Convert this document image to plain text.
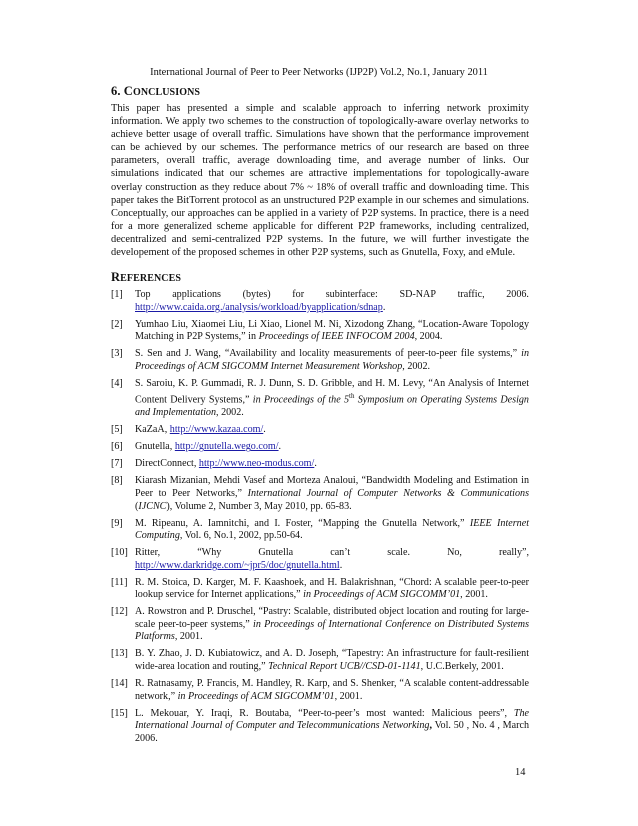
International Journal of Peer to Peer Networks (IJP2P) Vol.2, No.1, January 2011
6. CONCLUSIONS

This paper has presented a simple and scalable approach to inferring network proximity information. We apply two schemes to the construction of topologically-aware overlay networks to achieve better usage of overall traffic. Simulations have shown that the performance improvement can be achieved by our schemes. The performance metrics of our research are based on three parameters, overall traffic, average downloading time, and average number of links. Our simulations indicated that our schemes are attractive implementations for topologically-aware overlay construction as they reduce about 7% ~ 18% of overall traffic and downloading time. This paper takes the BitTorrent protocol as an unstructured P2P example in our schemes and simulations. Conceptually, our approaches can be applied in a variety of P2P systems. In practice, there is a need for a more generalized scheme applicable for different P2P frameworks, including centralized, decentralized and semi-centralized P2P systems. In the future, we will further investigate the developement of the proposed schemes in other P2P systems, such as Gnutella, Foxy, and eMule.

REFERENCES
[1]	Top applications (bytes) for subinterface: SD-NAP traffic, 2006.
http://www.caida.org./analysis/workload/byapplication/sdnap.
[2]	Yumhao Liu, Xiaomei Liu, Li Xiao, Lionel M. Ni, Xizodong Zhang, “Location-Aware Topology Matching in P2P Systems,” in Proceedings of IEEE INFOCOM 2004, 2004.
[3]	S. Sen and J. Wang, “Availability and locality measurements of peer-to-peer file systems,” in Proceedings of ACM SIGCOMM Internet Measurement Workshop, 2002.
[4]	S. Saroiu, K. P. Gummadi, R. J. Dunn, S. D. Gribble, and H. M. Levy, “An Analysis of Internet Content Delivery Systems,” in Proceedings of the 5th Symposium on Operating Systems Design and Implementation, 2002.
[5]	KaZaA, http://www.kazaa.com/.
[6]	Gnutella, http://gnutella.wego.com/.
[7]	DirectConnect, http://www.neo-modus.com/.
[8]	Kiarash Mizanian, Mehdi Vasef and Morteza Analoui, “Bandwidth Modeling and Estimation in Peer to Peer Networks,” International Journal of Computer Networks & Communications (IJCNC), Volume 2, Number 3, May 2010, pp. 65-83.
[9]	M. Ripeanu, A. Iamnitchi, and I. Foster, “Mapping the Gnutella Network,” IEEE Internet Computing, Vol. 6, No.1, 2002, pp.50-64.
[10] Ritter, “Why Gnutella can’t scale. No, really”, http://www.darkridge.com/~jpr5/doc/gnutella.html.
[11] R. M. Stoica, D. Karger, M. F. Kaashoek, and H. Balakrishnan, “Chord: A scalable peer-to-peer lookup service for Internet applications,” in Proceedings of ACM SIGCOMM’01, 2001.
[12] A. Rowstron and P. Druschel, “Pastry: Scalable, distributed object location and routing for large-scale peer-to-peer systems,” in Proceedings of International Conference on Distributed Systems Platforms, 2001.
[13] B. Y. Zhao, J. D. Kubiatowicz, and A. D. Joseph, “Tapestry: An infrastructure for fault-resilient wide-area location and routing,” Technical Report UCB//CSD-01-1141, U.C.Berkely, 2001.
[14] R. Ratnasamy, P. Francis, M. Handley, R. Karp, and S. Shenker, “A scalable content-addressable network,” in Proceedings of ACM SIGCOMM’01, 2001.
[15] L. Mekouar, Y. Iraqi, R. Boutaba, “Peer-to-peer’s most wanted: Malicious peers”, The International Journal of Computer and Telecommunications Networking, Vol. 50 , No. 4 , March 2006.
14
